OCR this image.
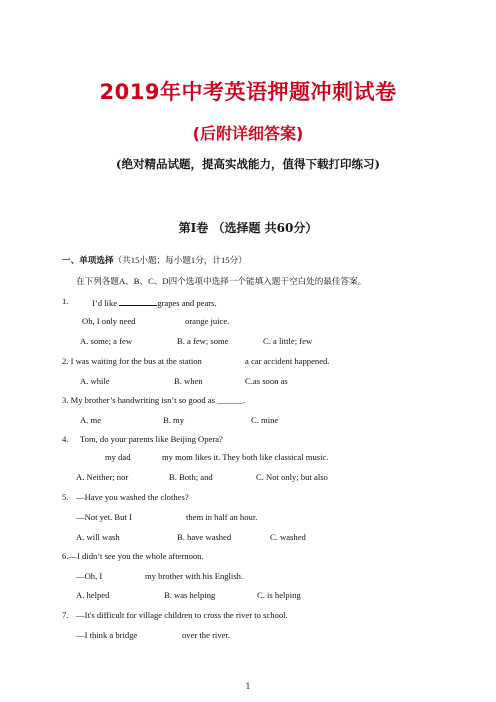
2019年中考英语押题冲刺试卷
(后附详细答案)
(绝对精品试题，提高实战能力，值得下载打印练习)
第Ⅰ卷 （选择题 共60分）
一、单项选择（共15小题；每小题1分，计15分）
在下列各题A、B、C、D四个选项中选择一个能填入题干空白处的最佳答案。
1.	I’d like	grapes and pears.
Oh, I only need	orange juice.
A. some; a few	B. a few; some	C. a little; few
2. I was waiting for the bus at the station	a car accident happened.
A. while	B. when	C.as soon as
3. My brother’s handwriting isn’t so good as ______.
A. me	B. my	C. mine
4. Tom, do your parents like Beijing Opera?
my dad	my mom likes it. They both like classical music.
A. Neither; nor	B. Both; and	C. Not only; but also
5. —Have you washed the clothes?
—Not yet. But I	them in half an hour.
A. will wash	B. have washed	C. washed
6.—I didn’t see you the whole afternoon.
—Oh, I	my brother with his English.
A. helped	B. was helping	C. is helping
7. —It's difficult for village children to cross the river to school.
—I think a bridge	over the river.
1
